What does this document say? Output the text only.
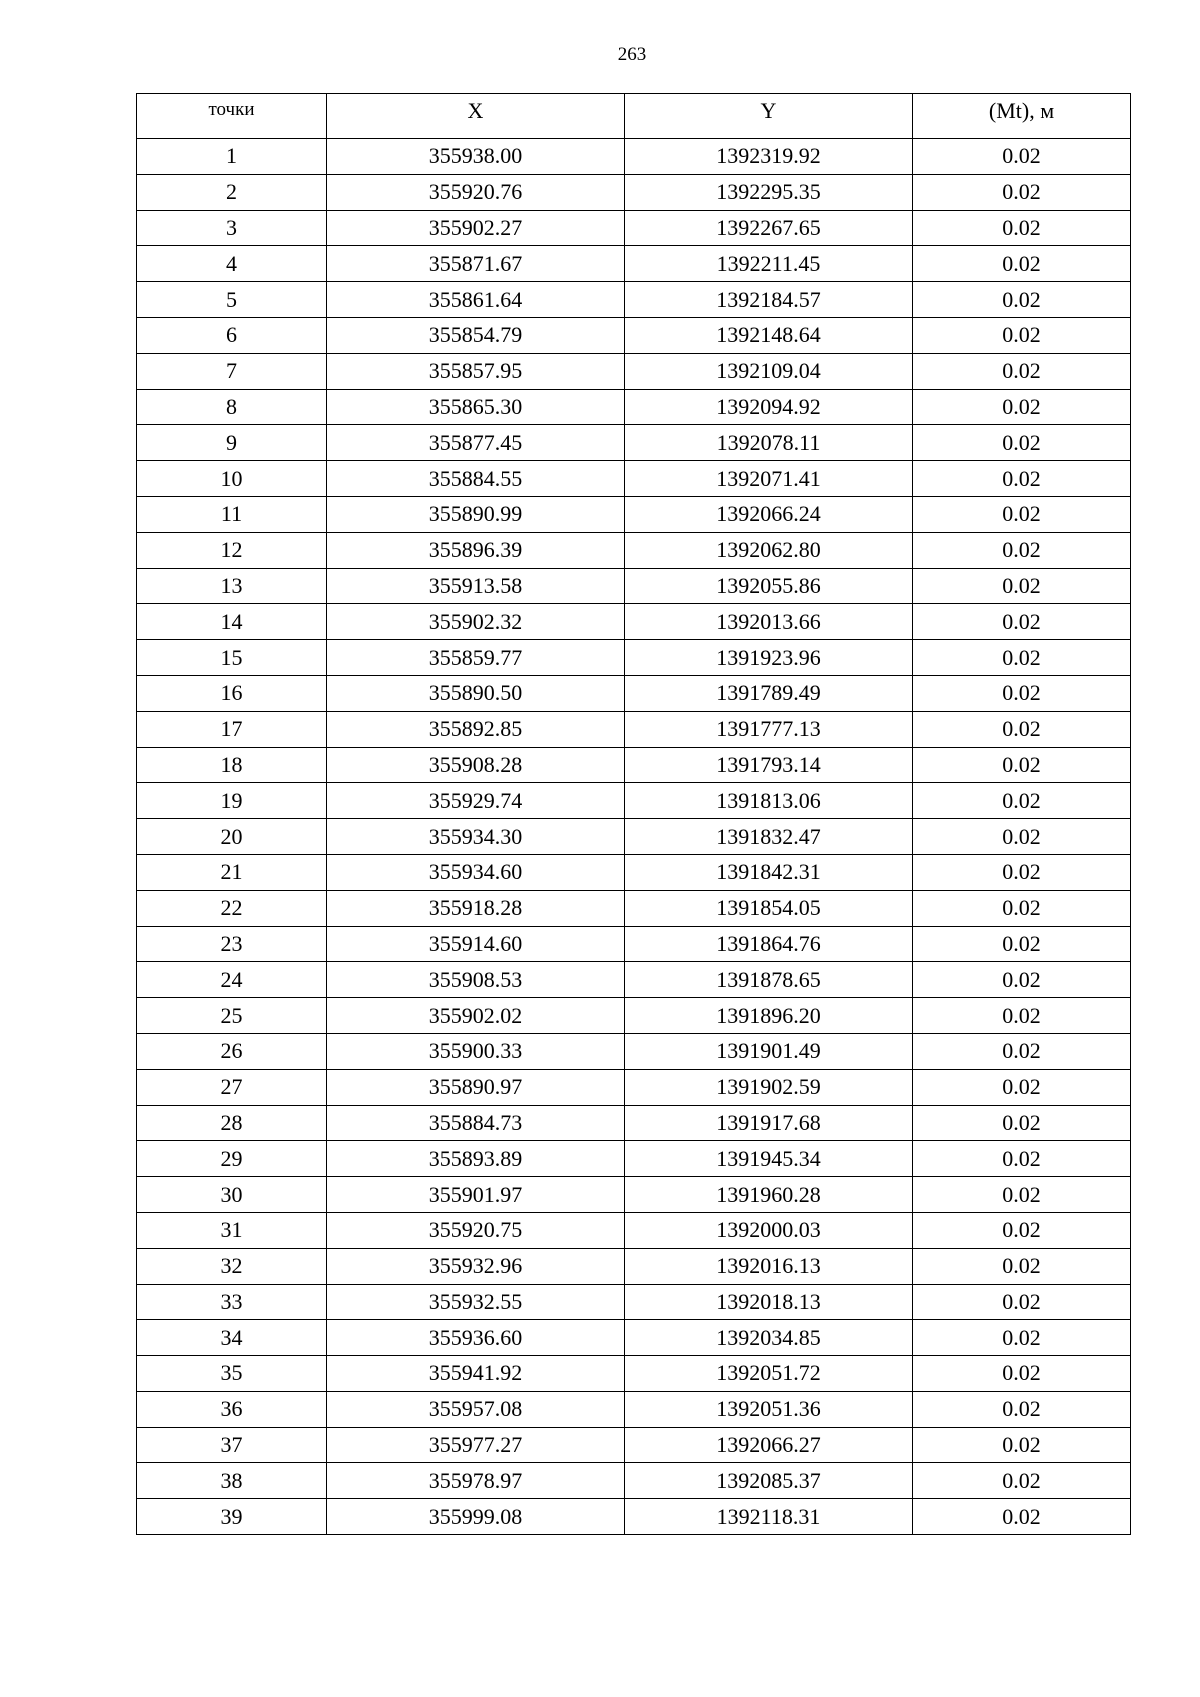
263
точки	X	Y	(Mt), м
1	355938.00	1392319.92	0.02
2	355920.76	1392295.35	0.02
3	355902.27	1392267.65	0.02
4	355871.67	1392211.45	0.02
5	355861.64	1392184.57	0.02
6	355854.79	1392148.64	0.02
7	355857.95	1392109.04	0.02
8	355865.30	1392094.92	0.02
9	355877.45	1392078.11	0.02
10	355884.55	1392071.41	0.02
11	355890.99	1392066.24	0.02
12	355896.39	1392062.80	0.02
13	355913.58	1392055.86	0.02
14	355902.32	1392013.66	0.02
15	355859.77	1391923.96	0.02
16	355890.50	1391789.49	0.02
17	355892.85	1391777.13	0.02
18	355908.28	1391793.14	0.02
19	355929.74	1391813.06	0.02
20	355934.30	1391832.47	0.02
21	355934.60	1391842.31	0.02
22	355918.28	1391854.05	0.02
23	355914.60	1391864.76	0.02
24	355908.53	1391878.65	0.02
25	355902.02	1391896.20	0.02
26	355900.33	1391901.49	0.02
27	355890.97	1391902.59	0.02
28	355884.73	1391917.68	0.02
29	355893.89	1391945.34	0.02
30	355901.97	1391960.28	0.02
31	355920.75	1392000.03	0.02
32	355932.96	1392016.13	0.02
33	355932.55	1392018.13	0.02
34	355936.60	1392034.85	0.02
35	355941.92	1392051.72	0.02
36	355957.08	1392051.36	0.02
37	355977.27	1392066.27	0.02
38	355978.97	1392085.37	0.02
39	355999.08	1392118.31	0.02
